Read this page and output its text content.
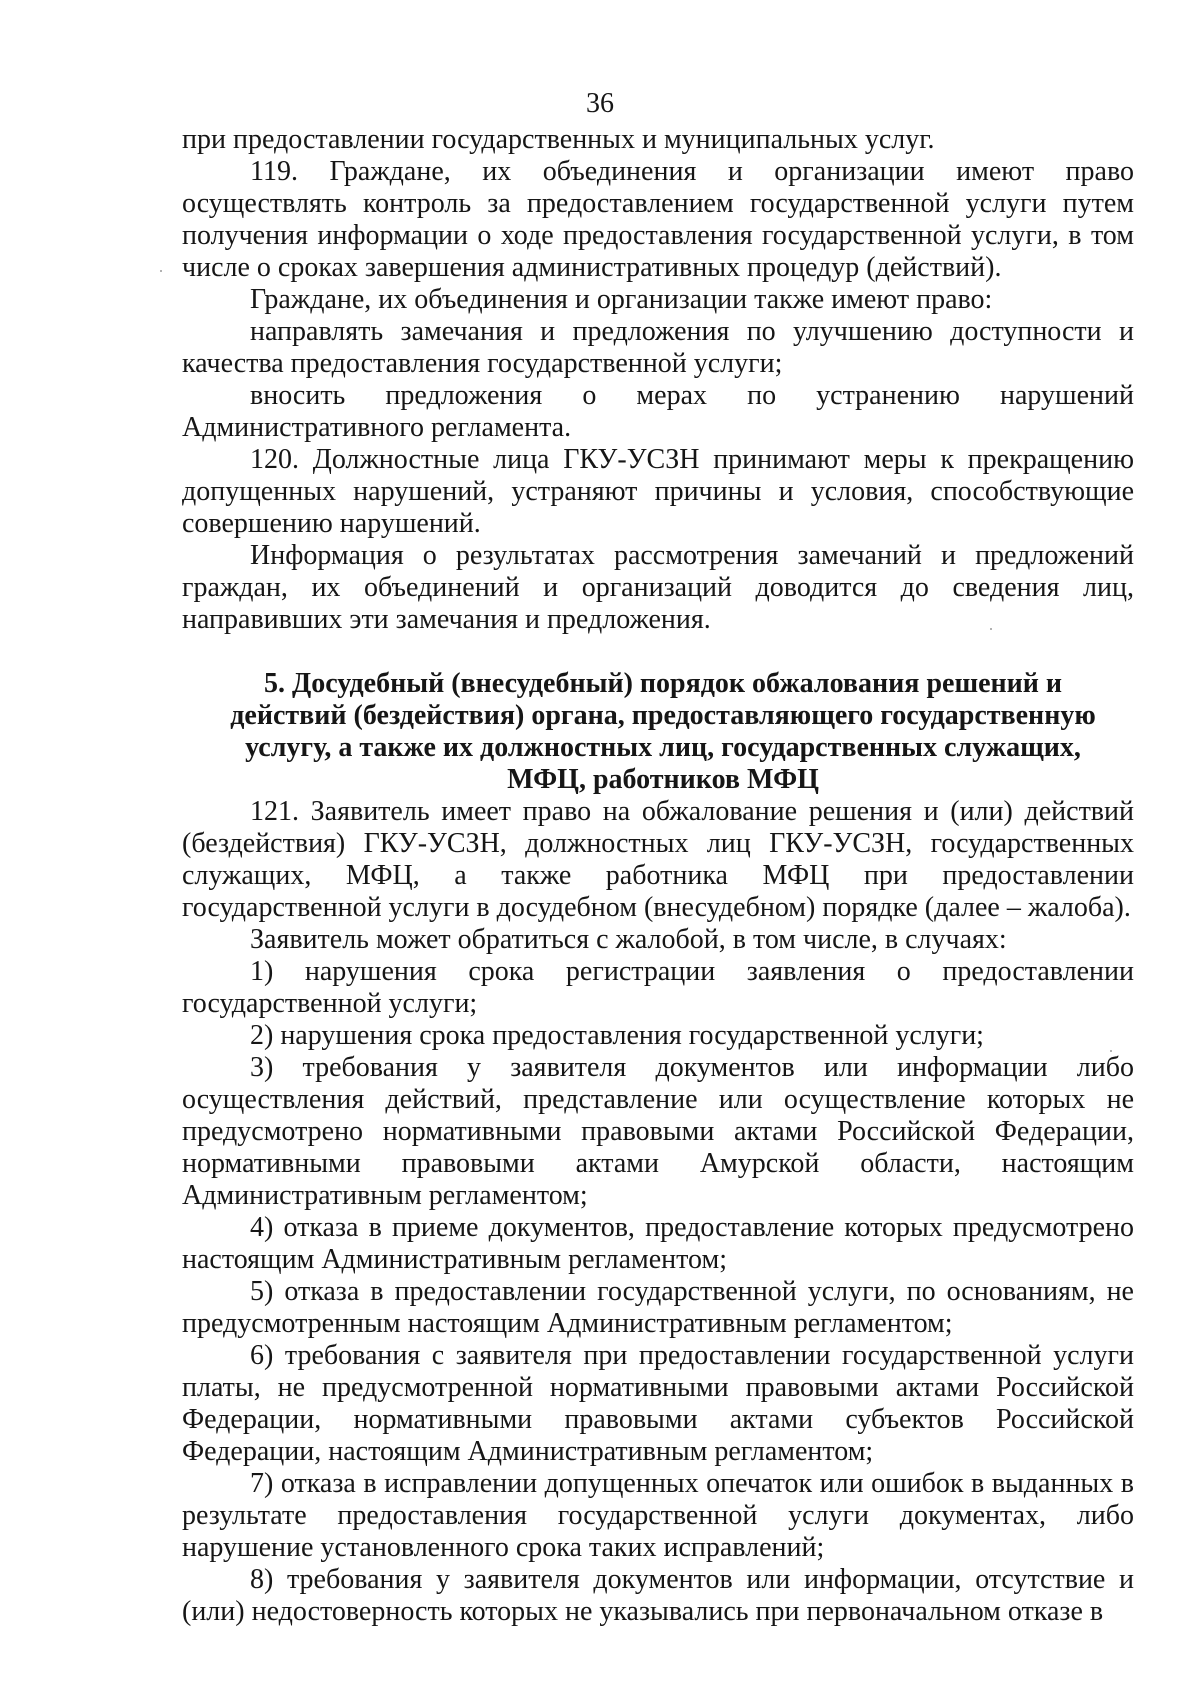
36

при предоставлении государственных и муниципальных услуг.

119. Граждане, их объединения и организации имеют право осуществлять контроль за предоставлением государственной услуги путем получения информации о ходе предоставления государственной услуги, в том числе о сроках завершения административных процедур (действий).

Граждане, их объединения и организации также имеют право:

направлять замечания и предложения по улучшению доступности и качества предоставления государственной услуги;

вносить предложения о мерах по устранению нарушений Административного регламента.

120. Должностные лица ГКУ-УСЗН принимают меры к прекращению допущенных нарушений, устраняют причины и условия, способствующие совершению нарушений.

Информация о результатах рассмотрения замечаний и предложений граждан, их объединений и организаций доводится до сведения лиц, направивших эти замечания и предложения.

5. Досудебный (внесудебный) порядок обжалования решений и действий (бездействия) органа, предоставляющего государственную услугу, а также их должностных лиц, государственных служащих, МФЦ, работников МФЦ

121. Заявитель имеет право на обжалование решения и (или) действий (бездействия) ГКУ-УСЗН, должностных лиц ГКУ-УСЗН, государственных служащих, МФЦ, а также работника МФЦ при предоставлении государственной услуги в досудебном (внесудебном) порядке (далее – жалоба).

Заявитель может обратиться с жалобой, в том числе, в случаях:

1) нарушения срока регистрации заявления о предоставлении государственной услуги;

2) нарушения срока предоставления государственной услуги;

3) требования у заявителя документов или информации либо осуществления действий, представление или осуществление которых не предусмотрено нормативными правовыми актами Российской Федерации, нормативными правовыми актами Амурской области, настоящим Административным регламентом;

4) отказа в приеме документов, предоставление которых предусмотрено настоящим Административным регламентом;

5) отказа в предоставлении государственной услуги, по основаниям, не предусмотренным настоящим Административным регламентом;

6) требования с заявителя при предоставлении государственной услуги платы, не предусмотренной нормативными правовыми актами Российской Федерации, нормативными правовыми актами субъектов Российской Федерации, настоящим Административным регламентом;

7) отказа в исправлении допущенных опечаток или ошибок в выданных в результате предоставления государственной услуги документах, либо нарушение установленного срока таких исправлений;

8) требования у заявителя документов или информации, отсутствие и (или) недостоверность которых не указывались при первоначальном отказе в
